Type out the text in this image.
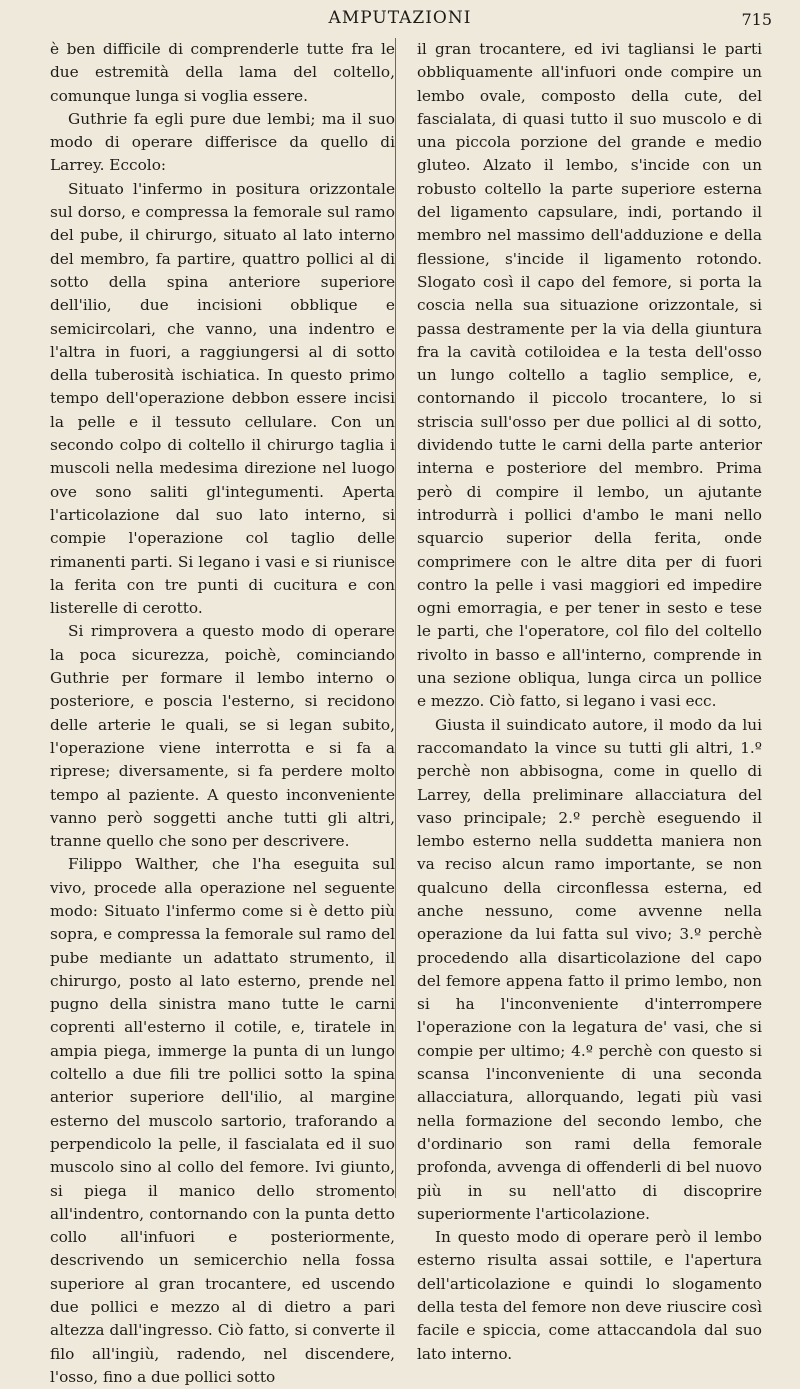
AMPUTAZIONI	715

è ben difficile di comprenderle tutte fra le due estremità della lama del coltello, comunque lunga si voglia essere.

Guthrie fa egli pure due lembi; ma il suo modo di operare differisce da quello di Larrey. Eccolo:

Situato l'infermo in positura orizzontale sul dorso, e compressa la femorale sul ramo del pube, il chirurgo, situato al lato interno del membro, fa partire, quattro pollici al di sotto della spina anteriore superiore dell'ilio, due incisioni obblique e semicircolari, che vanno, una indentro e l'altra in fuori, a raggiungersi al di sotto della tuberosità ischiatica. In questo primo tempo dell'operazione debbon essere incisi la pelle e il tessuto cellulare. Con un secondo colpo di coltello il chirurgo taglia i muscoli nella medesima direzione nel luogo ove sono saliti gl'integumenti. Aperta l'articolazione dal suo lato interno, si compie l'operazione col taglio delle rimanenti parti. Si legano i vasi e si riunisce la ferita con tre punti di cucitura e con listerelle di cerotto.

Si rimprovera a questo modo di operare la poca sicurezza, poichè, cominciando Guthrie per formare il lembo interno o posteriore, e poscia l'esterno, si recidono delle arterie le quali, se si legan subito, l'operazione viene interrotta e si fa a riprese; diversamente, si fa perdere molto tempo al paziente. A questo inconveniente vanno però soggetti anche tutti gli altri, tranne quello che sono per descrivere.

Filippo Walther, che l'ha eseguita sul vivo, procede alla operazione nel seguente modo: Situato l'infermo come si è detto più sopra, e compressa la femorale sul ramo del pube mediante un adattato strumento, il chirurgo, posto al lato esterno, prende nel pugno della sinistra mano tutte le carni coprenti all'esterno il cotile, e, tiratele in ampia piega, immerge la punta di un lungo coltello a due fili tre pollici sotto la spina anterior superiore dell'ilio, al margine esterno del muscolo sartorio, traforando a perpendicolo la pelle, il fascialata ed il suo muscolo sino al collo del femore. Ivi giunto, si piega il manico dello stromento all'indentro, contornando con la punta detto collo all'infuori e posteriormente, descrivendo un semicerchio nella fossa superiore al gran trocantere, ed uscendo due pollici e mezzo al di dietro a pari altezza dall'ingresso. Ciò fatto, si converte il filo all'ingiù, radendo, nel discendere, l'osso, fino a due pollici sotto

il gran trocantere, ed ivi tagliansi le parti obbliquamente all'infuori onde compire un lembo ovale, composto della cute, del fascialata, di quasi tutto il suo muscolo e di una piccola porzione del grande e medio gluteo. Alzato il lembo, s'incide con un robusto coltello la parte superiore esterna del ligamento capsulare, indi, portando il membro nel massimo dell'adduzione e della flessione, s'incide il ligamento rotondo. Slogato così il capo del femore, si porta la coscia nella sua situazione orizzontale, si passa destramente per la via della giuntura fra la cavità cotiloidea e la testa dell'osso un lungo coltello a taglio semplice, e, contornando il piccolo trocantere, lo si striscia sull'osso per due pollici al di sotto, dividendo tutte le carni della parte anterior interna e posteriore del membro. Prima però di compire il lembo, un ajutante introdurrà i pollici d'ambo le mani nello squarcio superior della ferita, onde comprimere con le altre dita per di fuori contro la pelle i vasi maggiori ed impedire ogni emorragia, e per tener in sesto e tese le parti, che l'operatore, col filo del coltello rivolto in basso e all'interno, comprende in una sezione obliqua, lunga circa un pollice e mezzo. Ciò fatto, si legano i vasi ecc.

Giusta il suindicato autore, il modo da lui raccomandato la vince su tutti gli altri, 1.º perchè non abbisogna, come in quello di Larrey, della preliminare allacciatura del vaso principale; 2.º perchè eseguendo il lembo esterno nella suddetta maniera non va reciso alcun ramo importante, se non qualcuno della circonflessa esterna, ed anche nessuno, come avvenne nella operazione da lui fatta sul vivo; 3.º perchè procedendo alla disarticolazione del capo del femore appena fatto il primo lembo, non si ha l'inconveniente d'interrompere l'operazione con la legatura de' vasi, che si compie per ultimo; 4.º perchè con questo si scansa l'inconveniente di una seconda allacciatura, allorquando, legati più vasi nella formazione del secondo lembo, che d'ordinario son rami della femorale profonda, avvenga di offenderli di bel nuovo più in su nell'atto di discoprire superiormente l'articolazione.

In questo modo di operare però il lembo esterno risulta assai sottile, e l'apertura dell'articolazione e quindi lo slogamento della testa del femore non deve riuscire così facile e spiccia, come attaccandola dal suo lato interno.
